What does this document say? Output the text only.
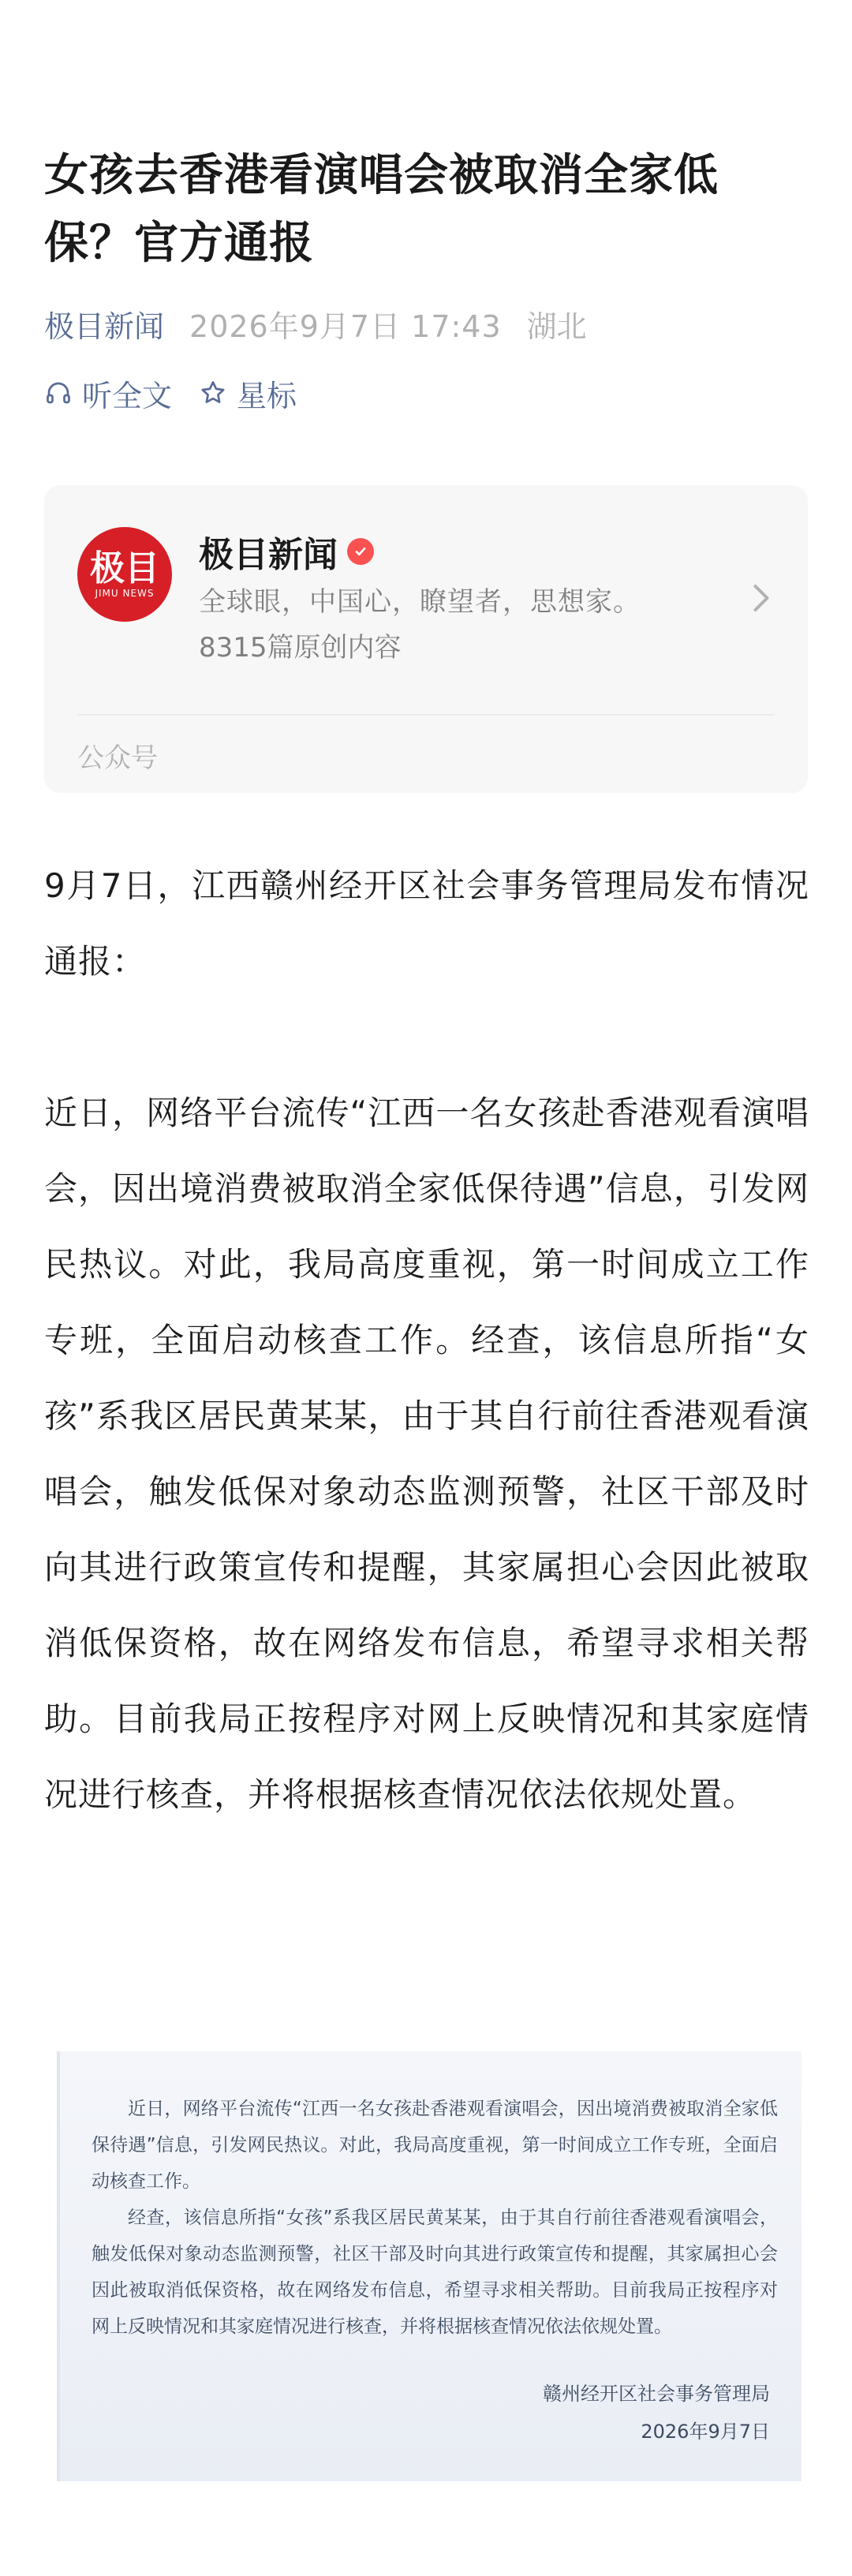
女孩去香港看演唱会被取消全家低保？官方通报
极目新闻 2026年9月7日 17:43 湖北
听全文 星标
极目
JIMU NEWS
极目新闻
全球眼，中国心，瞭望者，思想家。
8315篇原创内容
公众号

9月7日，江西赣州经开区社会事务管理局发布情况通报：

近日，网络平台流传“江西一名女孩赴香港观看演唱会，因出境消费被取消全家低保待遇”信息，引发网民热议。对此，我局高度重视，第一时间成立工作专班，全面启动核查工作。经查，该信息所指“女孩”系我区居民黄某某，由于其自行前往香港观看演唱会，触发低保对象动态监测预警，社区干部及时向其进行政策宣传和提醒，其家属担心会因此被取消低保资格，故在网络发布信息，希望寻求相关帮助。目前我局正按程序对网上反映情况和其家庭情况进行核查，并将根据核查情况依法依规处置。

近日，网络平台流传“江西一名女孩赴香港观看演唱会，因出境消费被取消全家低保待遇”信息，引发网民热议。对此，我局高度重视，第一时间成立工作专班，全面启动核查工作。

经查，该信息所指“女孩”系我区居民黄某某，由于其自行前往香港观看演唱会，触发低保对象动态监测预警，社区干部及时向其进行政策宣传和提醒，其家属担心会因此被取消低保资格，故在网络发布信息，希望寻求相关帮助。目前我局正按程序对网上反映情况和其家庭情况进行核查，并将根据核查情况依法依规处置。

赣州经开区社会事务管理局
2026年9月7日
